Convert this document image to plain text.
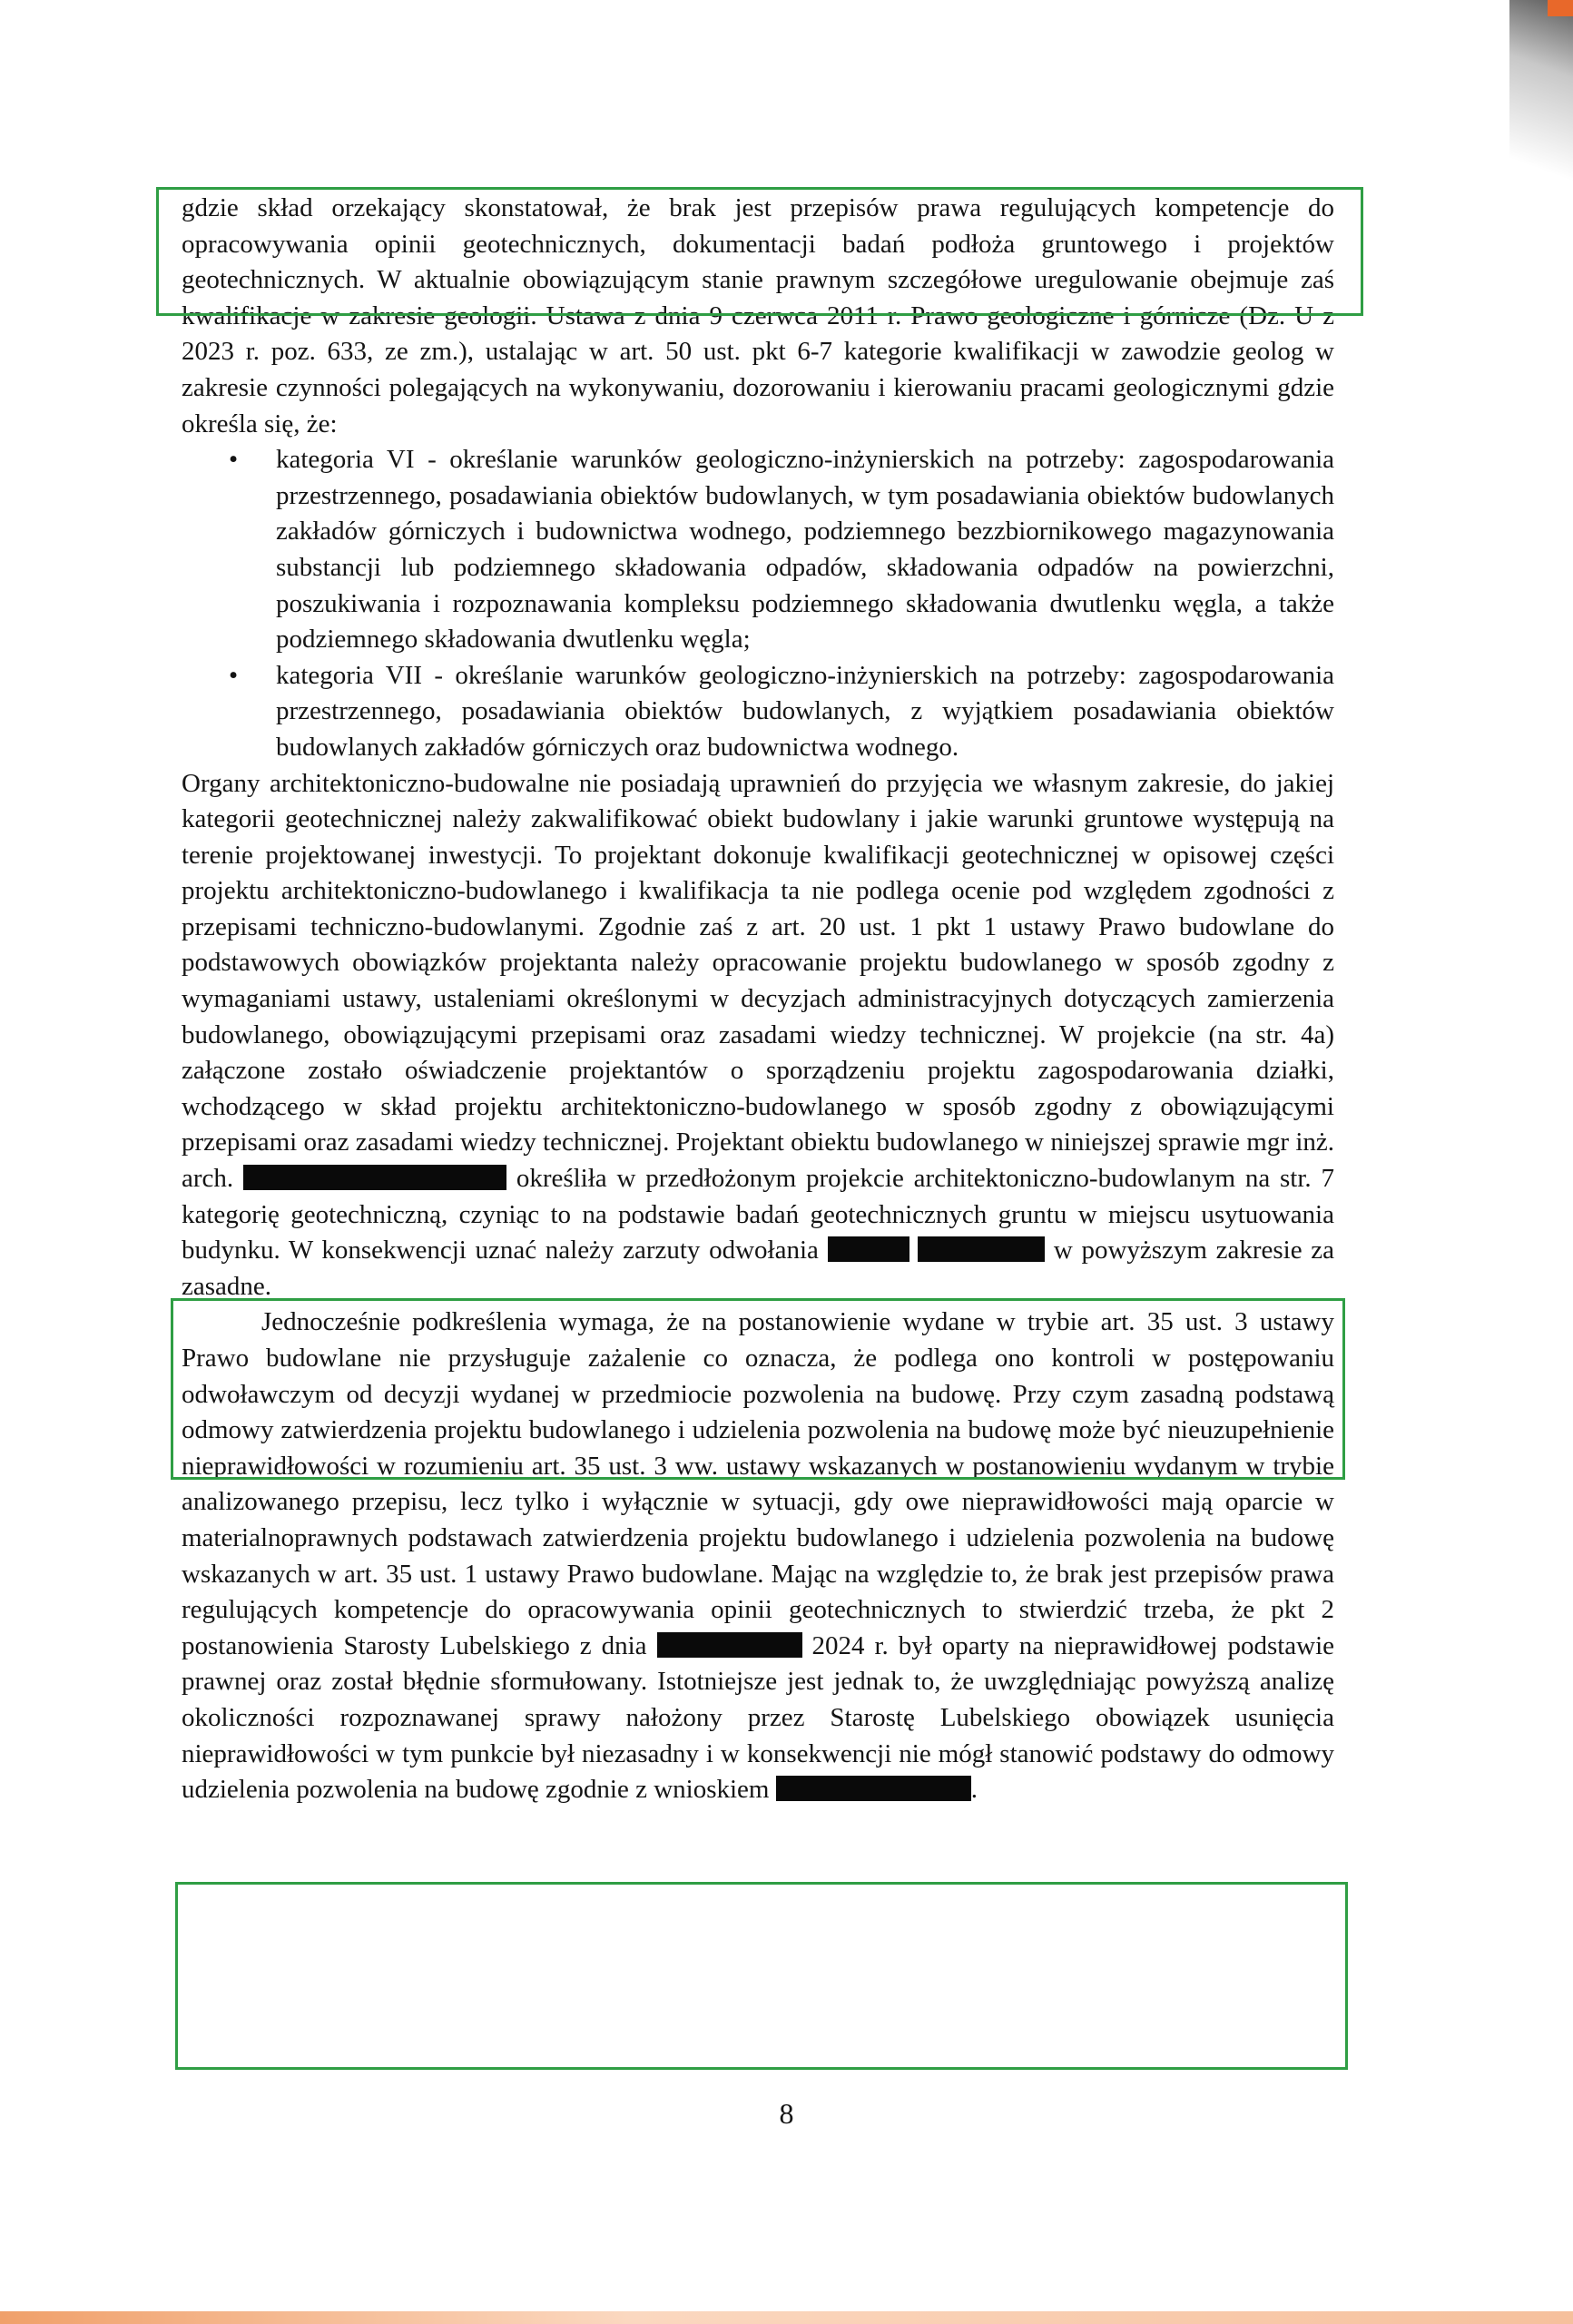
gdzie skład orzekający skonstatował, że brak jest przepisów prawa regulujących kompetencje do opracowywania opinii geotechnicznych, dokumentacji badań podłoża gruntowego i projektów geotechnicznych. W aktualnie obowiązującym stanie prawnym szczegółowe uregulowanie obejmuje zaś kwalifikacje w zakresie geologii. Ustawa z dnia 9 czerwca 2011 r. Prawo geologiczne i górnicze (Dz. U z 2023 r. poz. 633, ze zm.), ustalając w art. 50 ust. pkt 6-7 kategorie kwalifikacji w zawodzie geolog w zakresie czynności polegających na wykonywaniu, dozorowaniu i kierowaniu pracami geologicznymi gdzie określa się, że:

• kategoria VI - określanie warunków geologiczno-inżynierskich na potrzeby: zagospodarowania przestrzennego, posadawiania obiektów budowlanych, w tym posadawiania obiektów budowlanych zakładów górniczych i budownictwa wodnego, podziemnego bezzbiornikowego magazynowania substancji lub podziemnego składowania odpadów, składowania odpadów na powierzchni, poszukiwania i rozpoznawania kompleksu podziemnego składowania dwutlenku węgla, a także podziemnego składowania dwutlenku węgla;
• kategoria VII - określanie warunków geologiczno-inżynierskich na potrzeby: zagospodarowania przestrzennego, posadawiania obiektów budowlanych, z wyjątkiem posadawiania obiektów budowlanych zakładów górniczych oraz budownictwa wodnego.

Organy architektoniczno-budowalne nie posiadają uprawnień do przyjęcia we własnym zakresie, do jakiej kategorii geotechnicznej należy zakwalifikować obiekt budowlany i jakie warunki gruntowe występują na terenie projektowanej inwestycji. To projektant dokonuje kwalifikacji geotechnicznej w opisowej części projektu architektoniczno-budowlanego i kwalifikacja ta nie podlega ocenie pod względem zgodności z przepisami techniczno-budowlanymi. Zgodnie zaś z art. 20 ust. 1 pkt 1 ustawy Prawo budowlane do podstawowych obowiązków projektanta należy opracowanie projektu budowlanego w sposób zgodny z wymaganiami ustawy, ustaleniami określonymi w decyzjach administracyjnych dotyczących zamierzenia budowlanego, obowiązującymi przepisami oraz zasadami wiedzy technicznej. W projekcie (na str. 4a) załączone zostało oświadczenie projektantów o sporządzeniu projektu zagospodarowania działki, wchodzącego w skład projektu architektoniczno-budowlanego w sposób zgodny z obowiązującymi przepisami oraz zasadami wiedzy technicznej. Projektant obiektu budowlanego w niniejszej sprawie mgr inż. arch.	określiła w przedłożonym projekcie architektoniczno-budowlanym na str. 7 kategorię geotechniczną, czyniąc to na podstawie badań geotechnicznych gruntu w miejscu usytuowania budynku. W konsekwencji uznać należy zarzuty odwołania	w powyższym zakresie za zasadne.

Jednocześnie podkreślenia wymaga, że na postanowienie wydane w trybie art. 35 ust. 3 ustawy Prawo budowlane nie przysługuje zażalenie co oznacza, że podlega ono kontroli w postępowaniu odwoławczym od decyzji wydanej w przedmiocie pozwolenia na budowę. Przy czym zasadną podstawą odmowy zatwierdzenia projektu budowlanego i udzielenia pozwolenia na budowę może być nieuzupełnienie nieprawidłowości w rozumieniu art. 35 ust. 3 ww. ustawy wskazanych w postanowieniu wydanym w trybie analizowanego przepisu, lecz tylko i wyłącznie w sytuacji, gdy owe nieprawidłowości mają oparcie w materialnoprawnych podstawach zatwierdzenia projektu budowlanego i udzielenia pozwolenia na budowę wskazanych w art. 35 ust. 1 ustawy Prawo budowlane. Mając na względzie to, że brak jest przepisów prawa regulujących kompetencje do opracowywania opinii geotechnicznych to stwierdzić trzeba, że pkt 2 postanowienia Starosty Lubelskiego z dnia	2024 r. był oparty na nieprawidłowej podstawie prawnej oraz został błędnie sformułowany. Istotniejsze jest jednak to, że uwzględniając powyższą analizę okoliczności rozpoznawanej sprawy nałożony przez Starostę Lubelskiego obowiązek usunięcia nieprawidłowości w tym punkcie był niezasadny i w konsekwencji nie mógł stanowić podstawy do odmowy udzielenia pozwolenia na budowę zgodnie z wnioskiem	.

8
